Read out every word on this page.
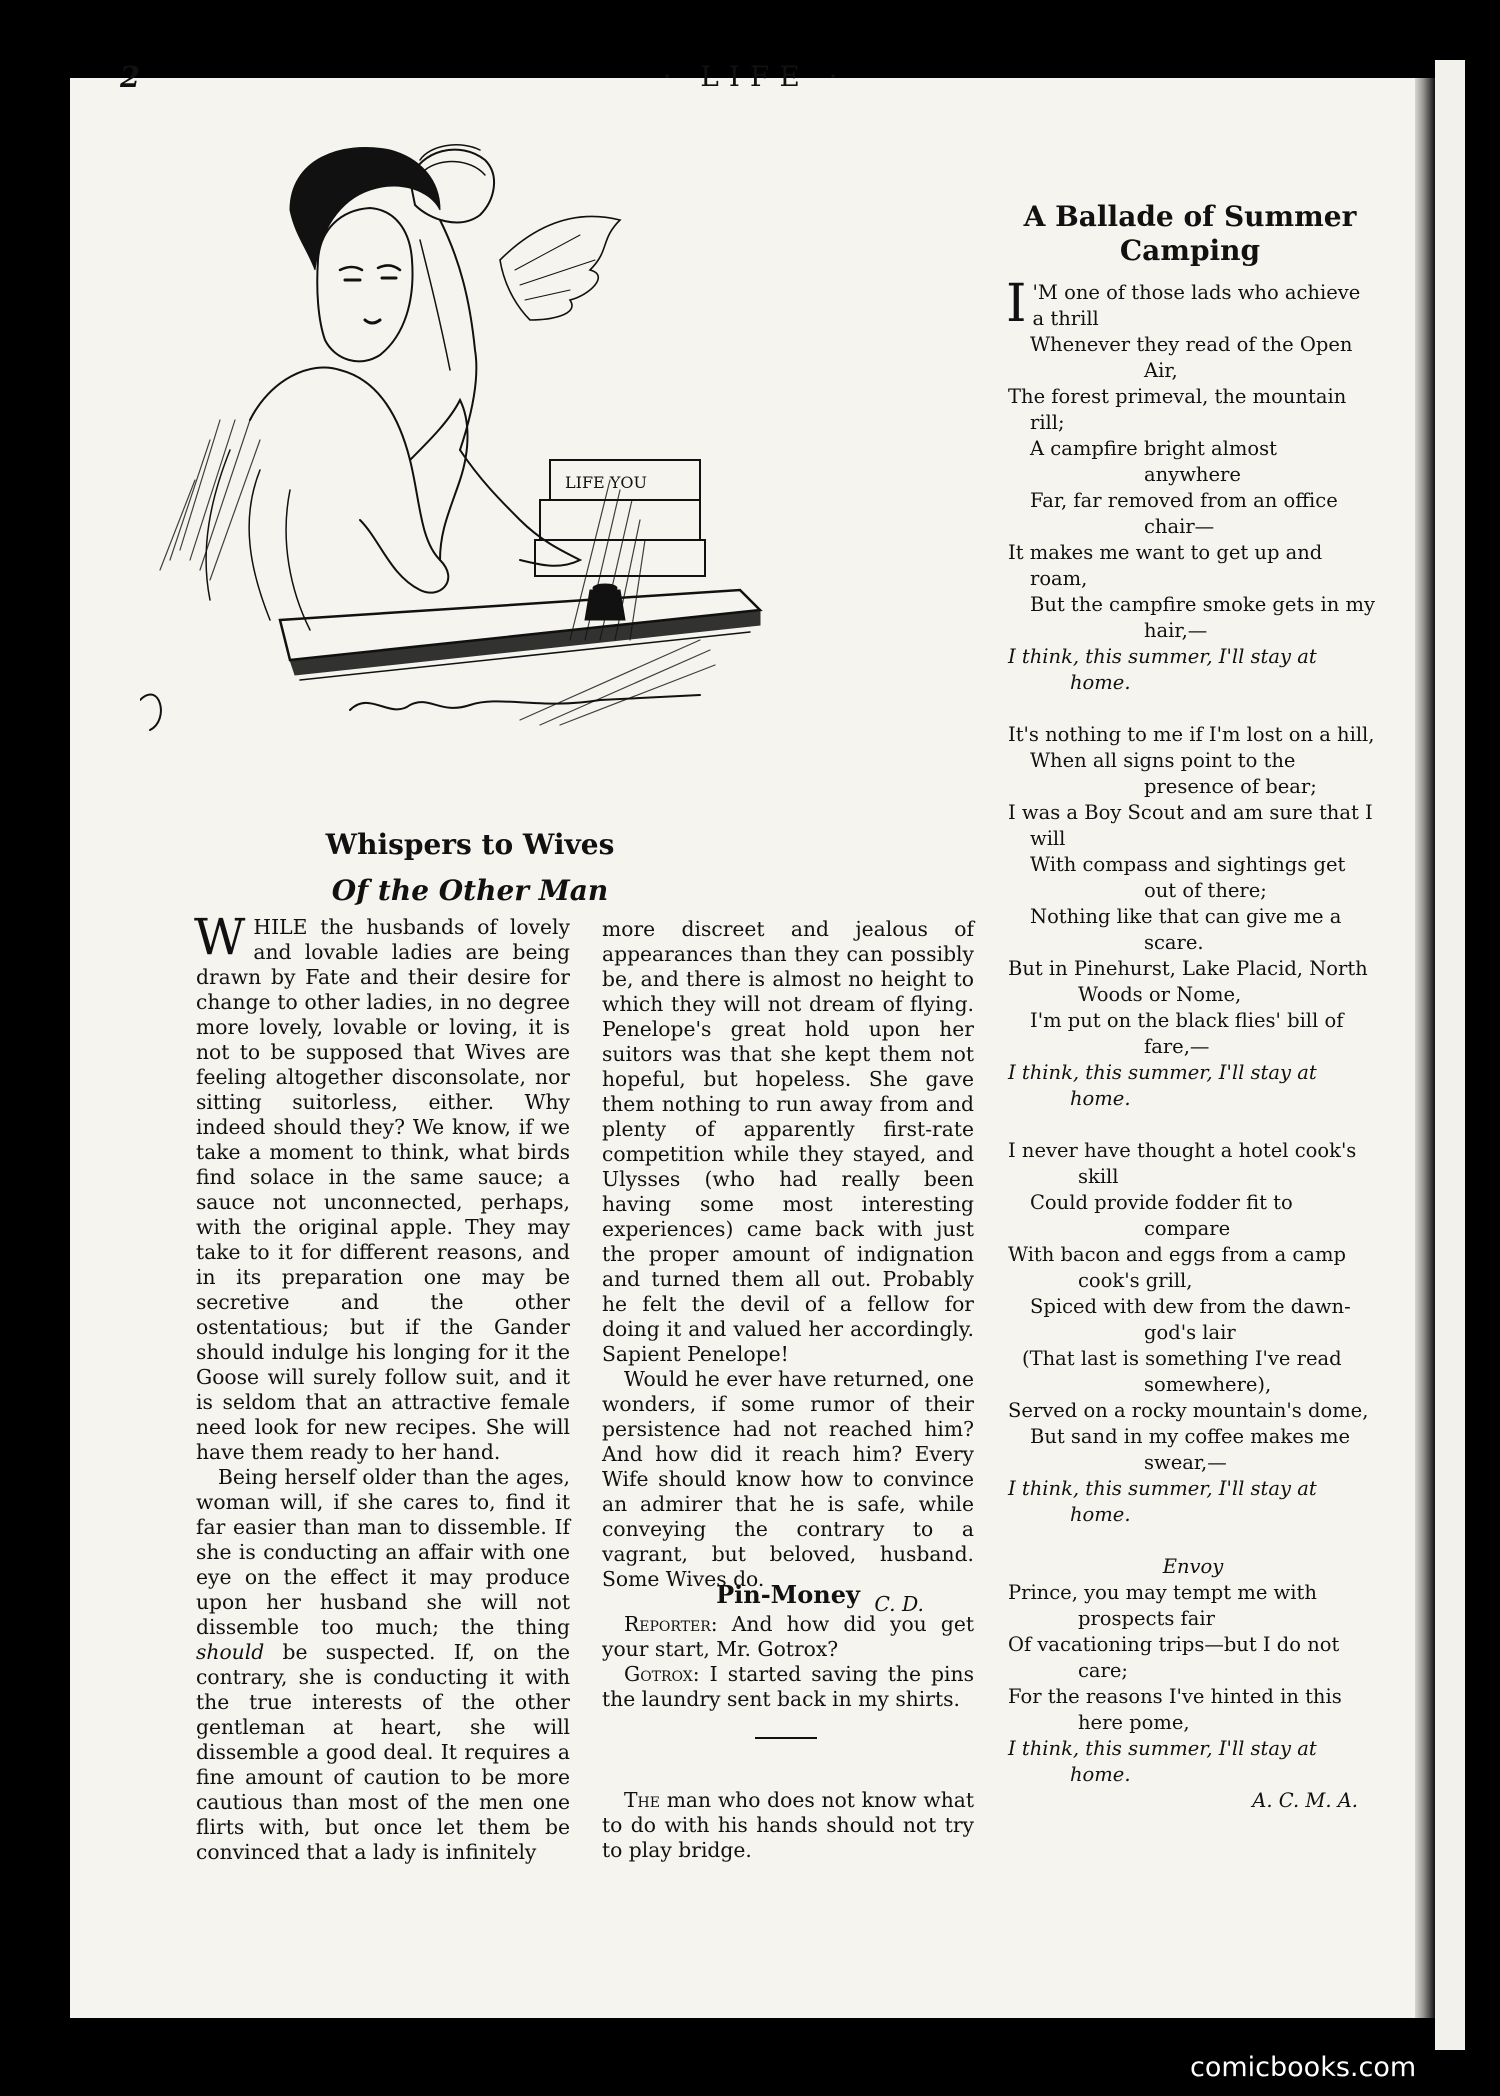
2	· LIFE ·
LIFE YOU
Whispers to Wives
Of the Other Man

WHILE the husbands of lovely and lovable ladies are being drawn by Fate and their desire for change to other ladies, in no degree more lovely, lovable or loving, it is not to be supposed that Wives are feeling altogether disconsolate, nor sitting suitorless, either. Why indeed should they? We know, if we take a moment to think, what birds find solace in the same sauce; a sauce not unconnected, perhaps, with the original apple. They may take to it for different reasons, and in its preparation one may be secretive and the other ostentatious; but if the Gander should indulge his longing for it the Goose will surely follow suit, and it is seldom that an attractive female need look for new recipes. She will have them ready to her hand.

Being herself older than the ages, woman will, if she cares to, find it far easier than man to dissemble. If she is conducting an affair with one eye on the effect it may produce upon her husband she will not dissemble too much; the thing should be suspected. If, on the contrary, she is conducting it with the true interests of the other gentleman at heart, she will dissemble a good deal. It requires a fine amount of caution to be more cautious than most of the men one flirts with, but once let them be convinced that a lady is infinitely

more discreet and jealous of appearances than they can possibly be, and there is almost no height to which they will not dream of flying. Penelope's great hold upon her suitors was that she kept them not hopeful, but hopeless. She gave them nothing to run away from and plenty of apparently first-rate competition while they stayed, and Ulysses (who had really been having some most interesting experiences) came back with just the proper amount of indignation and turned them all out. Probably he felt the devil of a fellow for doing it and valued her accordingly. Sapient Penelope!

Would he ever have returned, one wonders, if some rumor of their persistence had not reached him? And how did it reach him? Every Wife should know how to convince an admirer that he is safe, while conveying the contrary to a vagrant, but beloved, husband. Some Wives do.

C. D.
Pin-Money

Reporter: And how did you get your start, Mr. Gotrox?

Gotrox: I started saving the pins the laundry sent back in my shirts.

The man who does not know what to do with his hands should not try to play bridge.

A Ballade of Summer Camping

I 'M one of those lads who achieve a thrill

Whenever they read of the Open Air,

The forest primeval, the mountain rill;

A campfire bright almost anywhere

Far, far removed from an office chair—

It makes me want to get up and roam,

But the campfire smoke gets in my hair,—

I think, this summer, I'll stay at home.

It's nothing to me if I'm lost on a hill,

When all signs point to the presence of bear;

I was a Boy Scout and am sure that I will

With compass and sightings get out of there;

Nothing like that can give me a scare.

But in Pinehurst, Lake Placid, North Woods or Nome,

I'm put on the black flies' bill of fare,—

I think, this summer, I'll stay at home.

I never have thought a hotel cook's skill

Could provide fodder fit to compare

With bacon and eggs from a camp cook's grill,

Spiced with dew from the dawn-god's lair

(That last is something I've read somewhere),

Served on a rocky mountain's dome,

But sand in my coffee makes me swear,—

I think, this summer, I'll stay at home.

Envoy

Prince, you may tempt me with prospects fair

Of vacationing trips—but I do not care;

For the reasons I've hinted in this here pome,

I think, this summer, I'll stay at home.

A. C. M. A.

comicbooks.com
